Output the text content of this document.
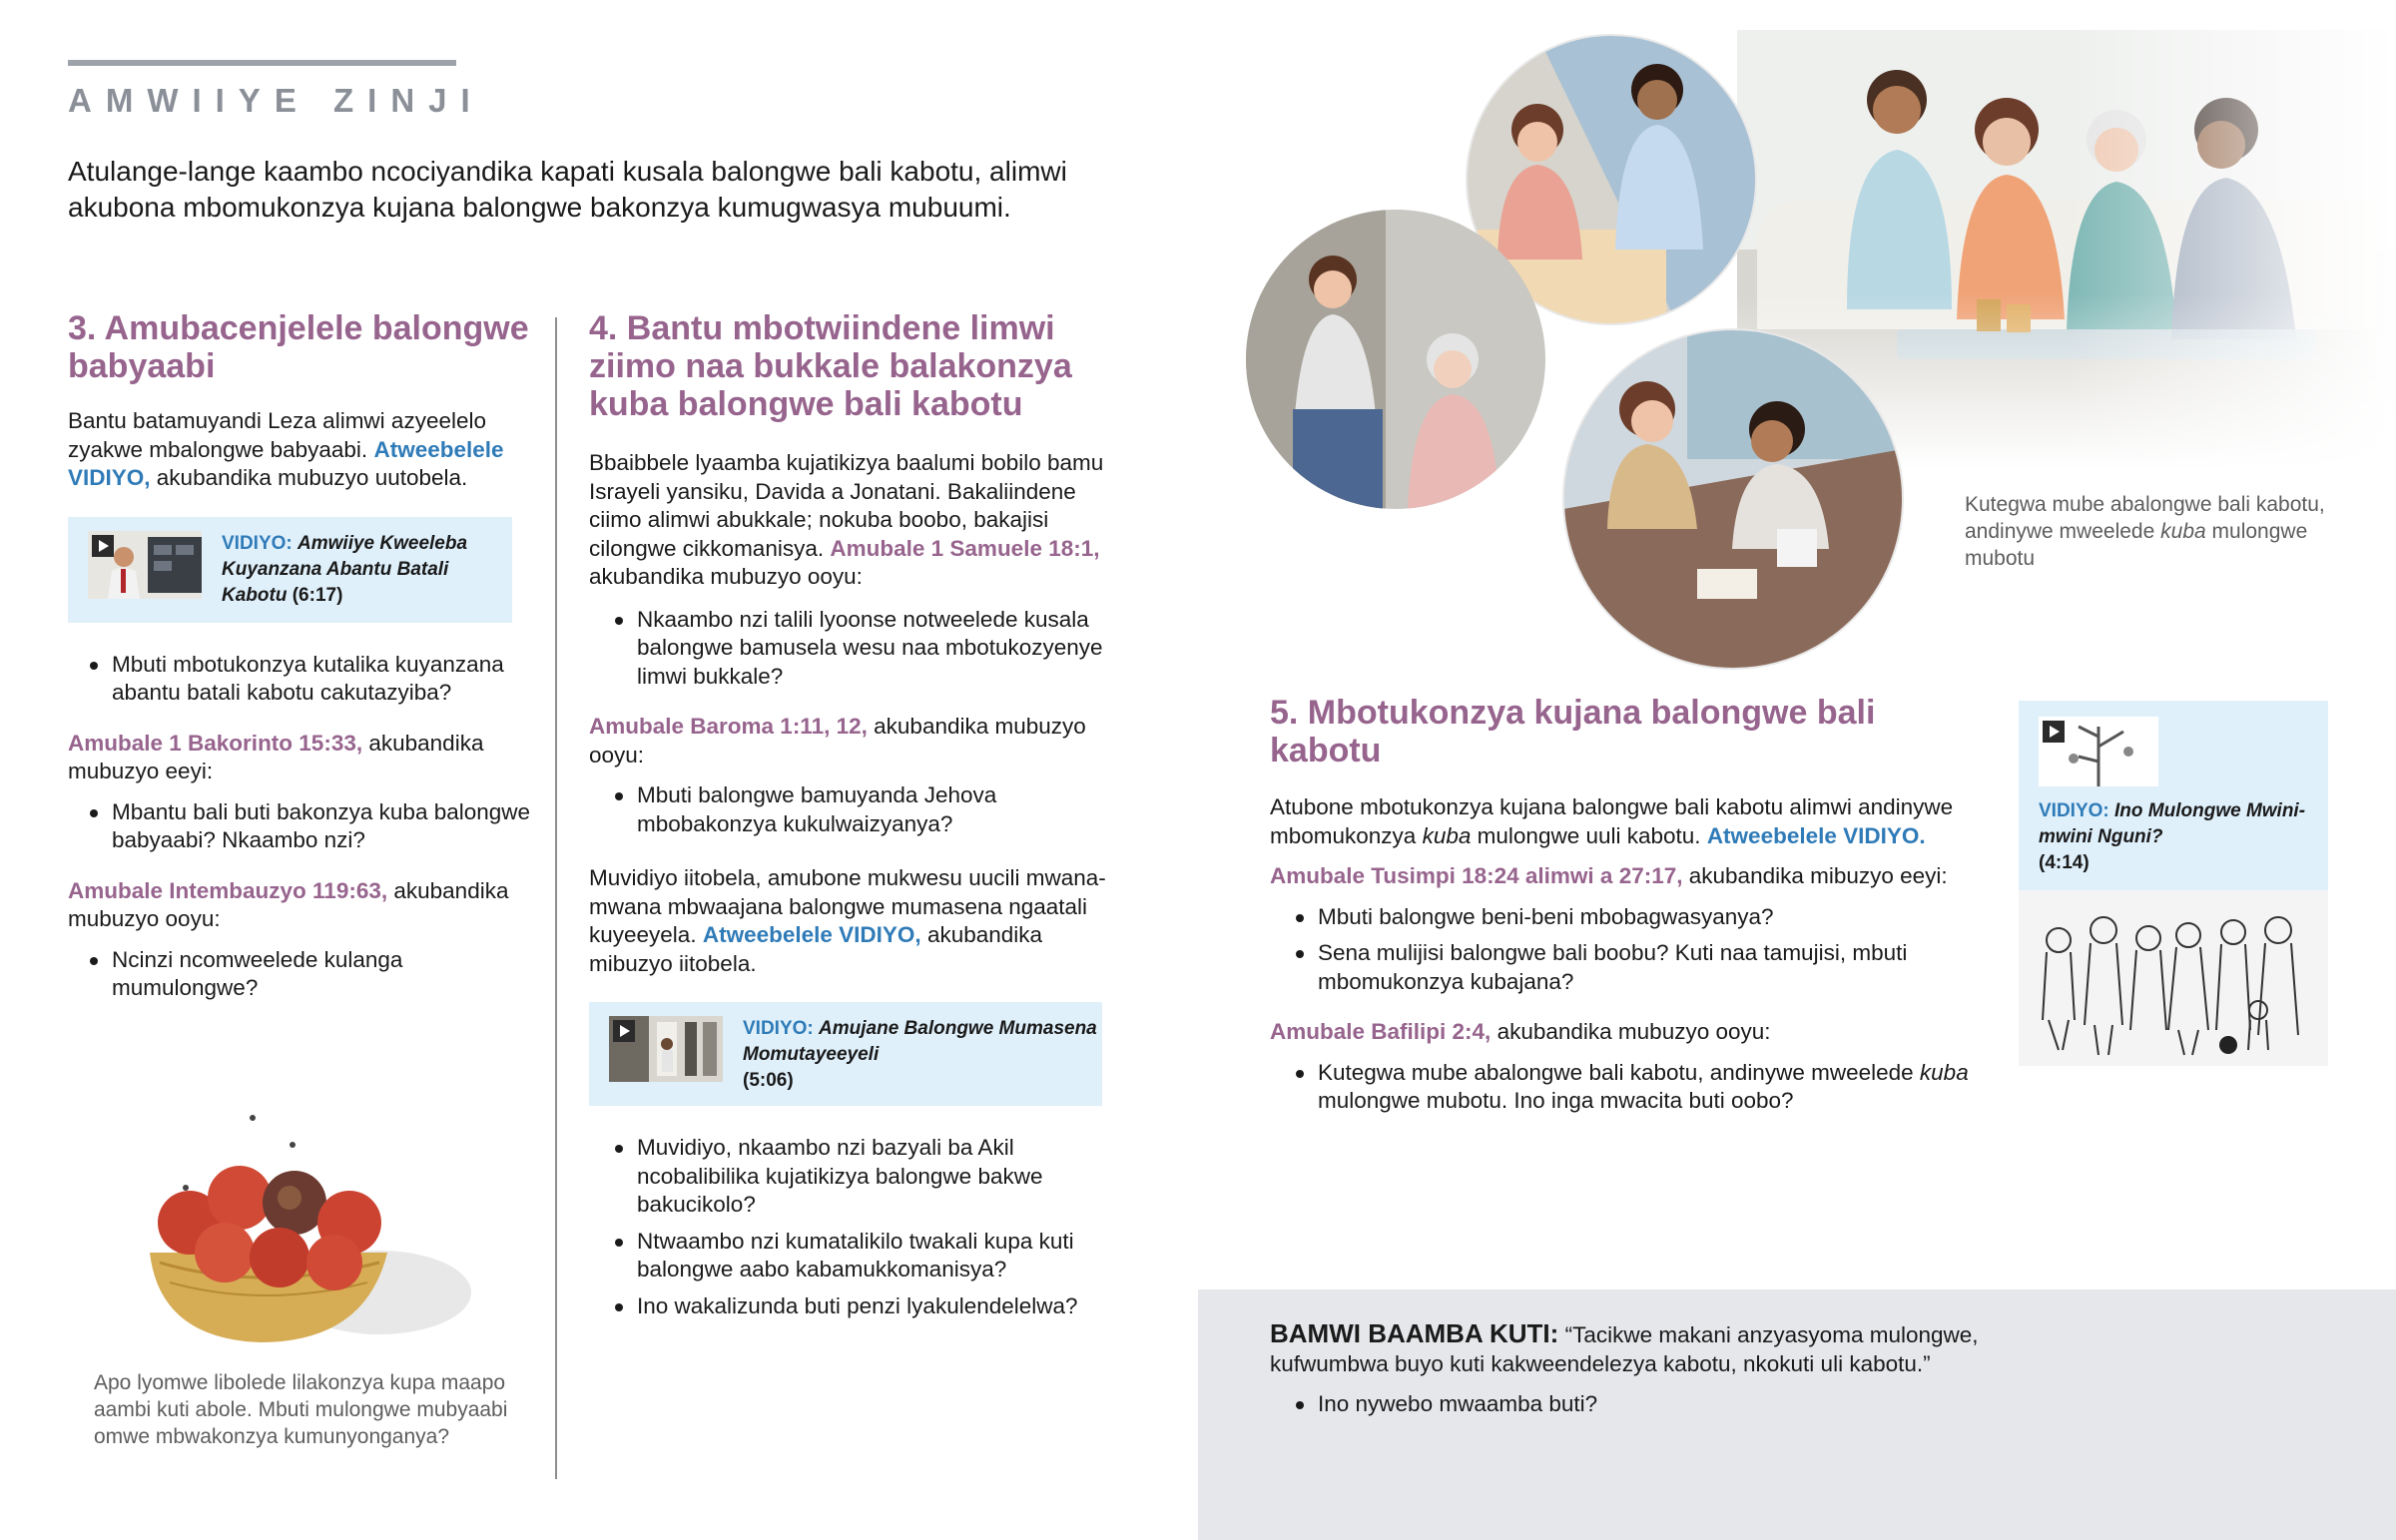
AMWIIYE ZINJI
Atulange-lange kaambo ncociyandika kapati kusala balongwe bali kabotu, alimwi akubona mbomukonzya kujana balongwe bakonzya kumugwasya mubuumi.
3. Amubacenjelele balongwe babyaabi

Bantu batamuyandi Leza alimwi azyeelelo zyakwe mbalongwe babyaabi. Atweebelele VIDIYO, akubandika mubuzyo uutobela.

VIDIYO: Amwiiye Kweeleba Kuyanzana Abantu Batali Kabotu (6:17)
Mbuti mbotukonzya kutalika kuyanzana abantu batali kabotu cakutazyiba?

Amubale 1 Bakorinto 15:33, akubandika mubuzyo eeyi:

Mbantu bali buti bakonzya kuba balongwe babyaabi? Nkaambo nzi?

Amubale Intembauzyo 119:63, akubandika mubuzyo ooyu:

Ncinzi ncomweelede kulanga mumulongwe?
Apo lyomwe libolede lilakonzya kupa maapo aambi kuti abole. Mbuti mulongwe mubyaabi omwe mbwakonzya kumunyonganya?
4. Bantu mbotwiindene limwi ziimo naa bukkale balakonzya kuba balongwe bali kabotu

Bbaibbele lyaamba kujatikizya baalumi bobilo bamu Israyeli yansiku, Davida a Jonatani. Bakaliindene ciimo alimwi abukkale; nokuba boobo, bakajisi cilongwe cikkomanisya. Amubale 1 Samuele 18:1, akubandika mubuzyo ooyu:

Nkaambo nzi talili lyoonse notweelede kusala balongwe bamusela wesu naa mbotukozyenye limwi bukkale?

Amubale Baroma 1:11, 12, akubandika mubuzyo ooyu:

Mbuti balongwe bamuyanda Jehova mbobakonzya kukulwaizyanya?

Muvidiyo iitobela, amubone mukwesu uucili mwana-mwana mbwaajana balongwe mumasena ngaatali kuyeeyela. Atweebelele VIDIYO, akubandika mibuzyo iitobela.

VIDIYO: Amujane Balongwe Mumasena Momutayeeyeli
(5:06)
Muvidiyo, nkaambo nzi bazyali ba Akil ncobalibilika kujatikizya balongwe bakwe bakucikolo?
Ntwaambo nzi kumatalikilo twakali kupa kuti balongwe aabo kabamukkomanisya?
Ino wakalizunda buti penzi lyakulendelelwa?
Kutegwa mube abalongwe bali kabotu, andinywe mweelede kuba mulongwe mubotu
5. Mbotukonzya kujana balongwe bali kabotu

Atubone mbotukonzya kujana balongwe bali kabotu alimwi andinywe mbomukonzya kuba mulongwe uuli kabotu. Atweebelele VIDIYO.

Amubale Tusimpi 18:24 alimwi a 27:17, akubandika mibuzyo eeyi:

Mbuti balongwe beni-beni mbobagwasyanya?
Sena mulijisi balongwe bali boobu? Kuti naa tamujisi, mbuti mbomukonzya kubajana?

Amubale Bafilipi 2:4, akubandika mubuzyo ooyu:

Kutegwa mube abalongwe bali kabotu, andinywe mweelede kuba mulongwe mubotu. Ino inga mwacita buti oobo?
VIDIYO: Ino Mulongwe Mwini-mwini Nguni?
(4:14)

BAMWI BAAMBA KUTI: “Tacikwe makani anzyasyoma mulongwe, kufwumbwa buyo kuti kakweendelezya kabotu, nkokuti uli kabotu.”

Ino nywebo mwaamba buti?
